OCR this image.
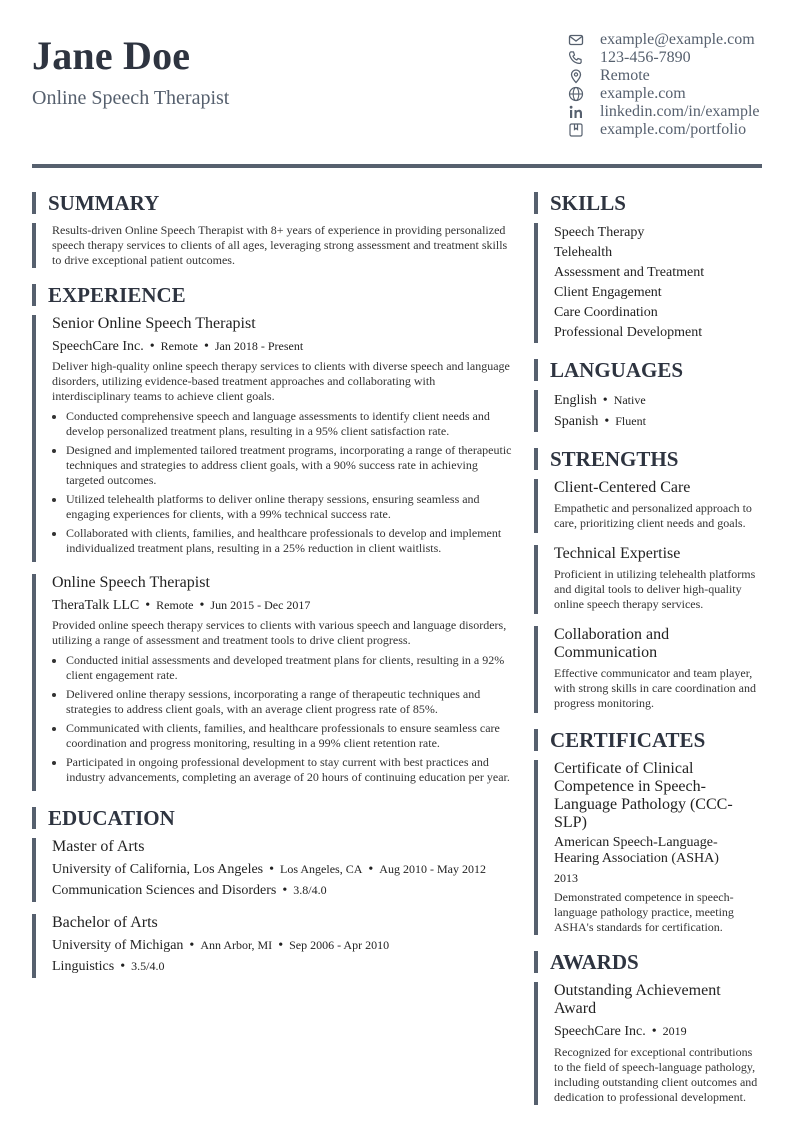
Jane Doe
Online Speech Therapist
example@example.com
123-456-7890
Remote
example.com
linkedin.com/in/example
example.com/portfolio
SUMMARY
Results-driven Online Speech Therapist with 8+ years of experience in providing personalized speech therapy services to clients of all ages, leveraging strong assessment and treatment skills to drive exceptional patient outcomes.
EXPERIENCE
Senior Online Speech Therapist
SpeechCare Inc. • Remote • Jan 2018 - Present
Deliver high-quality online speech therapy services to clients with diverse speech and language disorders, utilizing evidence-based treatment approaches and collaborating with interdisciplinary teams to achieve client goals.
• Conducted comprehensive speech and language assessments to identify client needs and develop personalized treatment plans, resulting in a 95% client satisfaction rate.
• Designed and implemented tailored treatment programs, incorporating a range of therapeutic techniques and strategies to address client goals, with a 90% success rate in achieving targeted outcomes.
• Utilized telehealth platforms to deliver online therapy sessions, ensuring seamless and engaging experiences for clients, with a 99% technical success rate.
• Collaborated with clients, families, and healthcare professionals to develop and implement individualized treatment plans, resulting in a 25% reduction in client waitlists.
Online Speech Therapist
TheraTalk LLC • Remote • Jun 2015 - Dec 2017
Provided online speech therapy services to clients with various speech and language disorders, utilizing a range of assessment and treatment tools to drive client progress.
• Conducted initial assessments and developed treatment plans for clients, resulting in a 92% client engagement rate.
• Delivered online therapy sessions, incorporating a range of therapeutic techniques and strategies to address client goals, with an average client progress rate of 85%.
• Communicated with clients, families, and healthcare professionals to ensure seamless care coordination and progress monitoring, resulting in a 99% client retention rate.
• Participated in ongoing professional development to stay current with best practices and industry advancements, completing an average of 20 hours of continuing education per year.
EDUCATION
Master of Arts
University of California, Los Angeles • Los Angeles, CA • Aug 2010 - May 2012
Communication Sciences and Disorders • 3.8/4.0
Bachelor of Arts
University of Michigan • Ann Arbor, MI • Sep 2006 - Apr 2010
Linguistics • 3.5/4.0
SKILLS
Speech Therapy
Telehealth
Assessment and Treatment
Client Engagement
Care Coordination
Professional Development
LANGUAGES
English • Native
Spanish • Fluent
STRENGTHS
Client-Centered Care
Empathetic and personalized approach to care, prioritizing client needs and goals.
Technical Expertise
Proficient in utilizing telehealth platforms and digital tools to deliver high-quality online speech therapy services.
Collaboration and Communication
Effective communicator and team player, with strong skills in care coordination and progress monitoring.
CERTIFICATES
Certificate of Clinical Competence in Speech-Language Pathology (CCC-SLP)
American Speech-Language-Hearing Association (ASHA)
2013
Demonstrated competence in speech-language pathology practice, meeting ASHA's standards for certification.
AWARDS
Outstanding Achievement Award
SpeechCare Inc. • 2019
Recognized for exceptional contributions to the field of speech-language pathology, including outstanding client outcomes and dedication to professional development.
